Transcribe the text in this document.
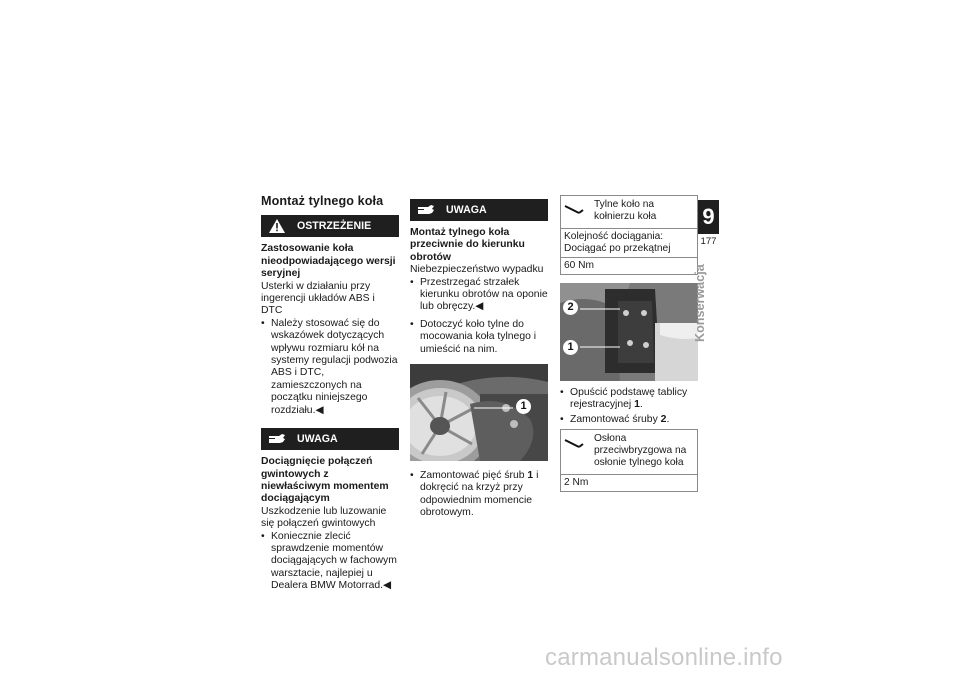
Montaż tylnego koła
OSTRZEŻENIE
Zastosowanie koła nieodpowiadającego wersji seryjnej

Usterki w działaniu przy ingerencji układów ABS i DTC

• Należy stosować się do wskazówek dotyczących wpływu rozmiaru kół na systemy regulacji podwozia ABS i DTC, zamieszczonych na początku niniejszego rozdziału.◀
UWAGA
Dociągnięcie połączeń gwintowych z niewłaściwym momentem dociągającym

Uszkodzenie lub luzowanie się połączeń gwintowych

• Koniecznie zlecić sprawdzenie momentów dociągających w fachowym warsztacie, najlepiej u Dealera BMW Motorrad.◀
UWAGA
Montaż tylnego koła przeciwnie do kierunku obrotów

Niebezpieczeństwo wypadku

• Przestrzegać strzałek kierunku obrotów na oponie lub obręczy.◀
• Dotoczyć koło tylne do mocowania koła tylnego i umieścić na nim.
1
• Zamontować pięć śrub 1 i dokręcić na krzyż przy odpowiednim momencie obrotowym.
Tylne koło na kołnierzu koła
Kolejność dociągania: Dociągać po przekątnej
60 Nm
2
1
• Opuścić podstawę tablicy rejestracyjnej 1.
• Zamontować śruby 2.
Osłona przeciwbryzgowa na osłonie tylnego koła
2 Nm
9
177
Konserwacja
carmanualsonline.info
